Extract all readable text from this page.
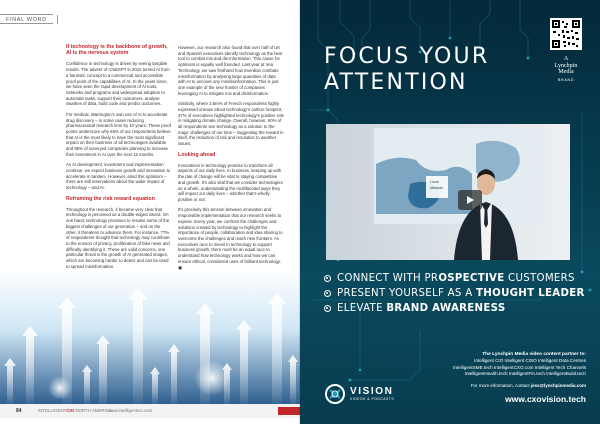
FINAL WORD
If technology is the backbone of growth, AI is the nervous system

Confidence in technology is driven by seeing tangible results. The advent of ChatGPT in 2022 turned AI from a futuristic concept to a commercial and accessible proof point of the capabilities of AI. In the years since, we have seen the rapid development of AI tools, networks and programs and widespread adoption to automate tasks, support their customers, analyse swathes of data, build code and predict outcomes.

For medical, Warrington’s own use of AI to accelerate drug discovery – in some cases reducing pharmaceutical research time by 10 years. These proof points underscore why 65% of our respondents believe that AI is the most likely to have the most significant impact on their business of all technologies available and 85% of surveyed companies planning to increase their investment in AI over the next 12 months.

As AI development, investment and implementation continue, we expect business growth and innovation to accelerate in tandem. However, amid this optimism – there are still reservations about the wider impact of technology – and AI.

Reframing the risk reward equation

Throughout the research, it became very clear that technology is perceived as a double-edged sword. On one hand, technology promises to resolve some of the biggest challenges of our generation – and on the other, it threatens to advance them. For instance, 77% of respondents thought that technology may contribute to the erosion of privacy, proliferation of fake news and difficulty identifying it. These are valid concerns, one particular threat is the growth of AI generated images, which are becoming harder to detect and can be used to spread misinformation.

However, our research also found that over half of UK and Spanish executives identify technology as the best tool to combat mis and dis-information. This cause for optimism is equally well founded. Last year at Vea Technology, we saw firsthand how Everdian combats misinformation by analysing large quantities of data with AI to uncover any mis/disinformation. This is just one example of the new frontier of companies leveraging AI to mitigate mis and disinformation.

Similarly, where 2.5m% of French respondents highly expressed unease about technology's carbon footprint, 37% of executives highlighted technology's positive role in mitigating climate change. Overall, however, 90% of all respondents see technology as a solution to the major challenges of our time – suggesting the reward in itself, the reduction of risk and resolution to weather issues.

Looking ahead

Innovations in technology promise to transform all aspects of our daily lives. In business, keeping up with the rate of change will be vital to staying competitive and growth. It's also vital that we consider technologies as a whole, understanding the multifaceted ways they will impact our daily lives – whether that’s wholly positive or not.

It's precisely this tension between innovation and responsible implementation that our research seeks to expose. Every year, we confront the challenges and solutions created by technology to highlight the importance of people, collaboration and idea sharing to overcome the challenges and reach new frontiers. As executives race to invest in technology to support business growth, there must be an equal race to understand how technology works and how we can ensure ethical, considered uses of brilliant technology. ▣

84	INTELLIGENTCIO NORTH AMERICA
www.intelligentcio.com
A
Lynchpin
Media
BRAND
FOCUS YOUR
ATTENTION
Local
Markets
CONNECT WITH PROSPECTIVE CUSTOMERS
PRESENT YOURSELF AS A THOUGHT LEADER
ELEVATE BRAND AWARENESS
The Lynchpin Media video content partner to:
Intelligent CIO Intelligent CISO Intelligent Data Centres
IntelligentSME.tech IntelligentCXO.com Intelligent Tech Channels
IntelligentHealth.tech IntelligentFin.tech IntelligentBuild.tech
VISION
VIDEOS & PODCASTS
For more information, contact jess@lynchpinmedia.com
www.cxovision.tech
